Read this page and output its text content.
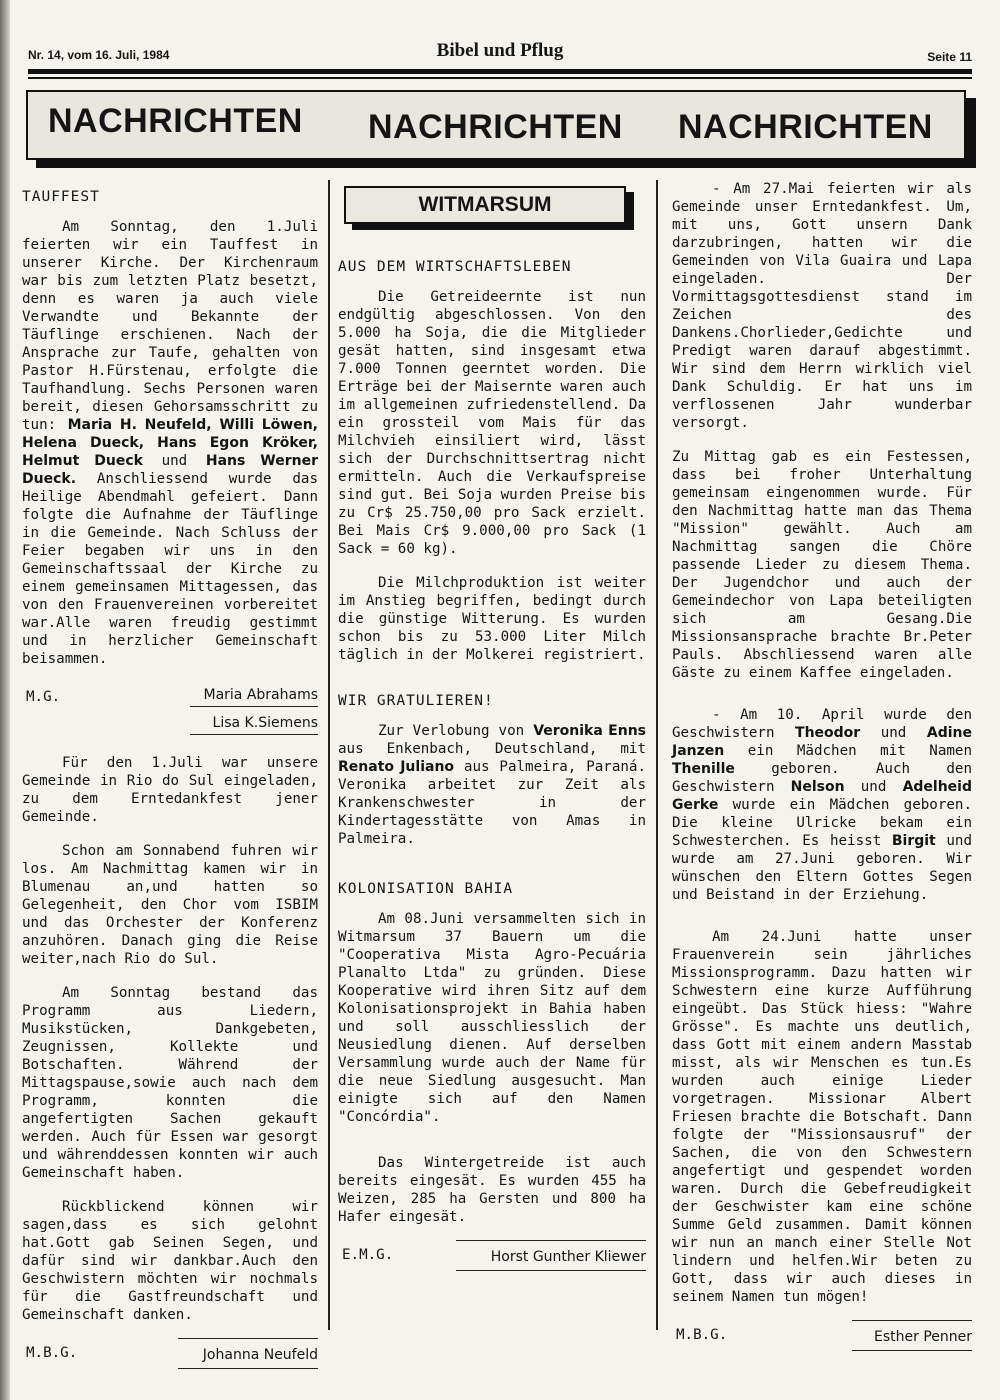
Nr. 14, vom 16. Juli, 1984	Bibel und Pflug	Seite 11
NACHRICHTEN NACHRICHTEN NACHRICHTEN
TAUFFEST

Am Sonntag, den 1.Juli feierten wir ein Tauffest in unserer Kirche. Der Kirchenraum war bis zum letzten Platz besetzt, denn es waren ja auch viele Verwandte und Bekannte der Täuflinge erschienen. Nach der Ansprache zur Taufe, gehalten von Pastor H.Fürstenau, erfolgte die Taufhandlung. Sechs Personen waren bereit, diesen Gehorsamsschritt zu tun: Maria H. Neufeld, Willi Löwen, Helena Dueck, Hans Egon Kröker, Helmut Dueck und Hans Werner Dueck. Anschliessend wurde das Heilige Abendmahl gefeiert. Dann folgte die Aufnahme der Täuflinge in die Gemeinde. Nach Schluss der Feier begaben wir uns in den Gemeinschaftssaal der Kirche zu einem gemeinsamen Mittagessen, das von den Frauenvereinen vorbereitet war.Alle waren freudig gestimmt und in herzlicher Gemeinschaft beisammen.

M.G.	Maria Abrahams
Lisa K.Siemens

Für den 1.Juli war unsere Gemeinde in Rio do Sul eingeladen, zu dem Erntedankfest jener Gemeinde.

Schon am Sonnabend fuhren wir los. Am Nachmittag kamen wir in Blumenau an,und hatten so Gelegenheit, den Chor vom ISBIM und das Orchester der Konferenz anzuhören. Danach ging die Reise weiter,nach Rio do Sul.

Am Sonntag bestand das Programm aus Liedern, Musikstücken, Dankgebeten, Zeugnissen, Kollekte und Botschaften. Während der Mittagspause,sowie auch nach dem Programm, konnten die angefertigten Sachen gekauft werden. Auch für Essen war gesorgt und währenddessen konnten wir auch Gemeinschaft haben.

Rückblickend können wir sagen,dass es sich gelohnt hat.Gott gab Seinen Segen, und dafür sind wir dankbar.Auch den Geschwistern möchten wir nochmals für die Gastfreundschaft und Gemeinschaft danken.

M.B.G.	Johanna Neufeld
WITMARSUM
AUS DEM WIRTSCHAFTSLEBEN

Die Getreideernte ist nun endgültig abgeschlossen. Von den 5.000 ha Soja, die die Mitglieder gesät hatten, sind insgesamt etwa 7.000 Tonnen geerntet worden. Die Erträge bei der Maisernte waren auch im allgemeinen zufriedenstellend. Da ein grossteil vom Mais für das Milchvieh einsiliert wird, lässt sich der Durchschnittsertrag nicht ermitteln. Auch die Verkaufspreise sind gut. Bei Soja wurden Preise bis zu Cr$ 25.750,00 pro Sack erzielt. Bei Mais Cr$ 9.000,00 pro Sack (1 Sack = 60 kg).

Die Milchproduktion ist weiter im Anstieg begriffen, bedingt durch die günstige Witterung. Es wurden schon bis zu 53.000 Liter Milch täglich in der Molkerei registriert.

WIR GRATULIEREN!

Zur Verlobung von Veronika Enns aus Enkenbach, Deutschland, mit Renato Juliano aus Palmeira, Paraná. Veronika arbeitet zur Zeit als Krankenschwester in der Kindertagesstätte von Amas in Palmeira.

KOLONISATION BAHIA

Am 08.Juni versammelten sich in Witmarsum 37 Bauern um die "Cooperativa Mista Agro-Pecuária Planalto Ltda" zu gründen. Diese Kooperative wird ihren Sitz auf dem Kolonisationsprojekt in Bahia haben und soll ausschliesslich der Neusiedlung dienen. Auf derselben Versammlung wurde auch der Name für die neue Siedlung ausgesucht. Man einigte sich auf den Namen "Concórdia".

Das Wintergetreide ist auch bereits eingesät. Es wurden 455 ha Weizen, 285 ha Gersten und 800 ha Hafer eingesät.

E.M.G.	Horst Gunther Kliewer

- Am 27.Mai feierten wir als Gemeinde unser Erntedankfest. Um, mit uns, Gott unsern Dank darzubringen, hatten wir die Gemeinden von Vila Guaira und Lapa eingeladen. Der Vormittagsgottesdienst stand im Zeichen des Dankens.Chorlieder,Gedichte und Predigt waren darauf abgestimmt. Wir sind dem Herrn wirklich viel Dank Schuldig. Er hat uns im verflossenen Jahr wunderbar versorgt.

Zu Mittag gab es ein Festessen, dass bei froher Unterhaltung gemeinsam eingenommen wurde. Für den Nachmittag hatte man das Thema "Mission" gewählt. Auch am Nachmittag sangen die Chöre passende Lieder zu diesem Thema. Der Jugendchor und auch der Gemeindechor von Lapa beteiligten sich am Gesang.Die Missionsansprache brachte Br.Peter Pauls. Abschliessend waren alle Gäste zu einem Kaffee eingeladen.

- Am 10. April wurde den Geschwistern Theodor und Adine Janzen ein Mädchen mit Namen Thenille geboren. Auch den Geschwistern Nelson und Adelheid Gerke wurde ein Mädchen geboren. Die kleine Ulricke bekam ein Schwesterchen. Es heisst Birgit und wurde am 27.Juni geboren. Wir wünschen den Eltern Gottes Segen und Beistand in der Erziehung.

Am 24.Juni hatte unser Frauenverein sein jährliches Missionsprogramm. Dazu hatten wir Schwestern eine kurze Aufführung eingeübt. Das Stück hiess: "Wahre Grösse". Es machte uns deutlich, dass Gott mit einem andern Masstab misst, als wir Menschen es tun.Es wurden auch einige Lieder vorgetragen. Missionar Albert Friesen brachte die Botschaft. Dann folgte der "Missionsausruf" der Sachen, die von den Schwestern angefertigt und gespendet worden waren. Durch die Gebefreudigkeit der Geschwister kam eine schöne Summe Geld zusammen. Damit können wir nun an manch einer Stelle Not lindern und helfen.Wir beten zu Gott, dass wir auch dieses in seinem Namen tun mögen!

M.B.G.	Esther Penner
